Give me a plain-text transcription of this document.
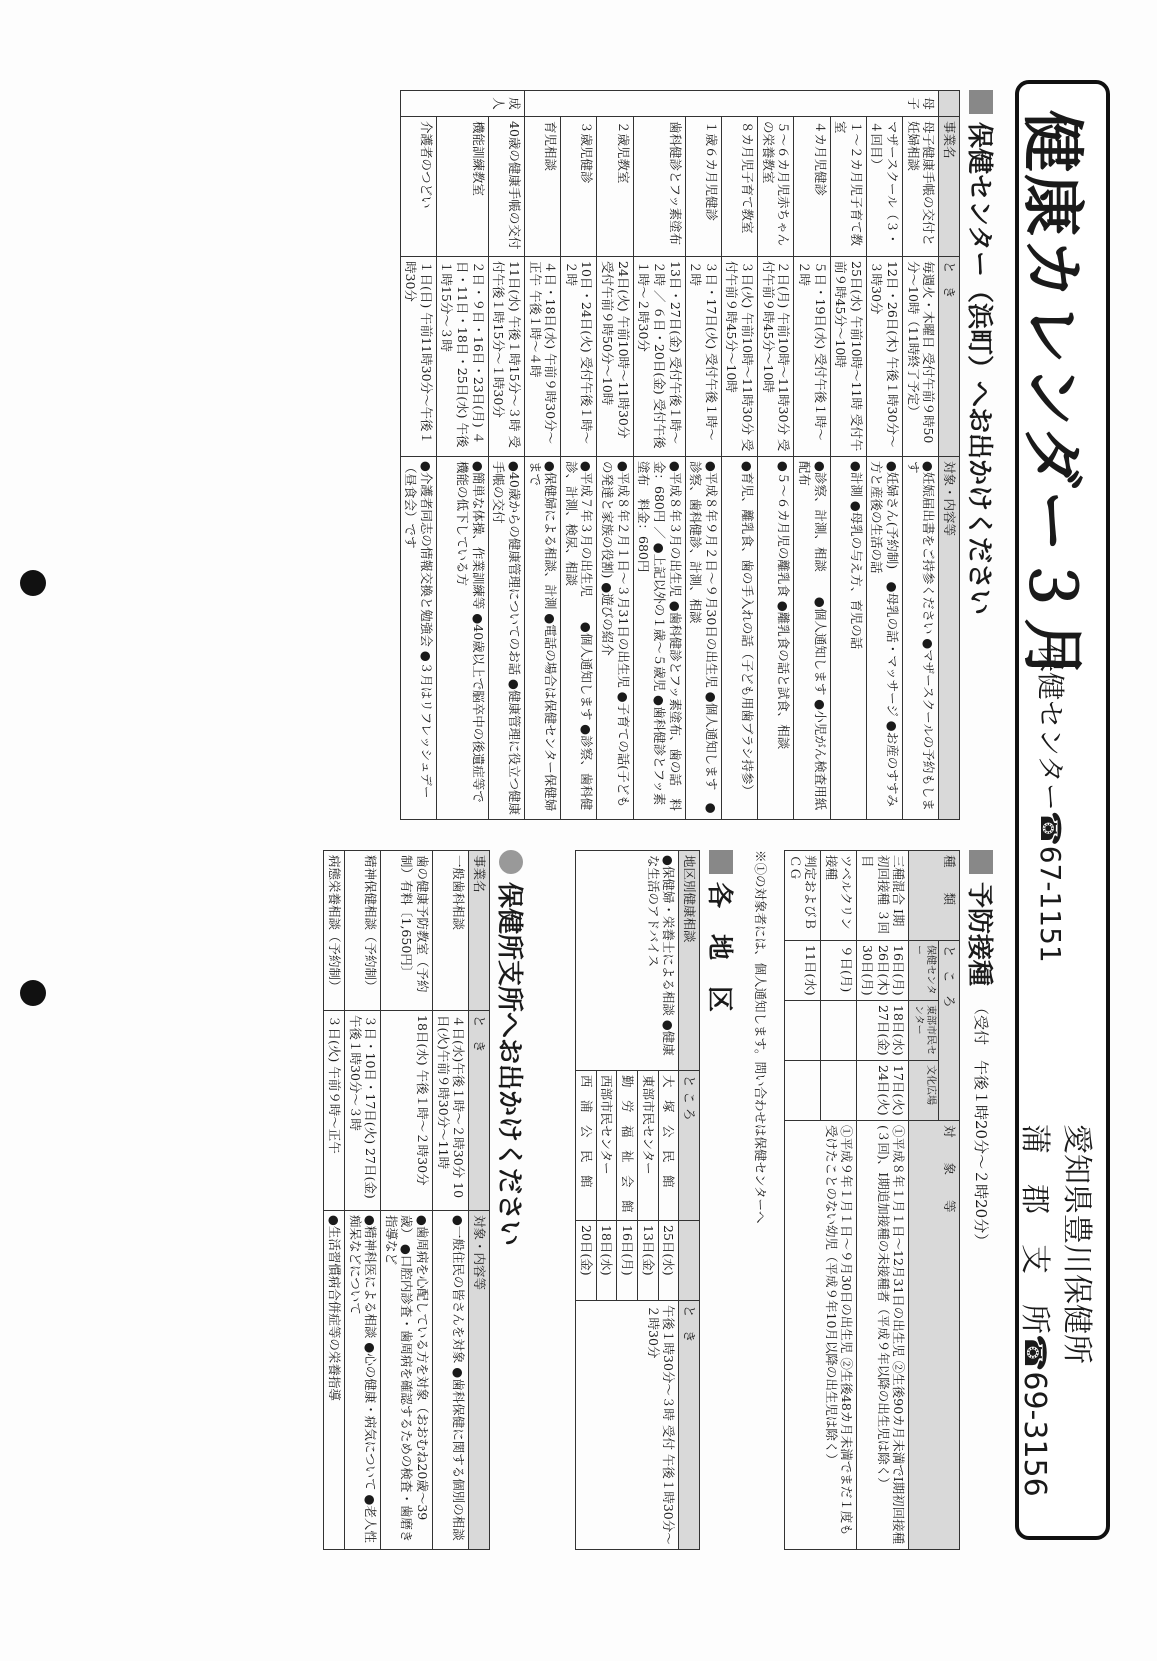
健康カレンダー３月
保健センター☎67-1151
愛知県豊川保健所
蒲　郡　支　所☎69-3156
保健センター（浜町）へお出かけください
	事業名	と　き	対象・内容等
母子	母子健康手帳の交付と妊婦相談	毎週火・木曜日 受付午前９時50分～10時（11時終了予定）	●妊娠届出書をご持参ください ●マザースクールの予約もします
	マザースクール（３・４回目）	12日・26日(木) 午後１時30分～３時30分	●妊婦さん(予約制)　●母乳の話・マッサージ ●お産のすすみ方と産後の生活の話
	１～２カ月児子育て教室	25日(水) 午前10時～11時 受付午前９時45分～10時	●計測 ●母乳の与え方、育児の話
	４カ月児健診	５日・19日(水) 受付午後１時～２時	●診察、計測、相談　　●個人通知します ●小児がん検査用紙配布
	５～６カ月児赤ちゃんの栄養教室	２日(月) 午前10時～11時30分 受付午前９時45分～10時	●５～６カ月児の離乳食 ●離乳食の話と試食、相談
	８カ月児子育て教室	３日(火) 午前10時～11時30分 受付午前９時45分～10時	●育児、離乳食、歯の手入れの話（子ども用歯ブラシ持参）
	１歳６カ月児健診	３日・17日(火) 受付午後１時～２時	●平成８年９月２日～９月30日の出生児 ●個人通知します　●診察、歯科健診、計測、相談
	歯科健診とフッ素塗布	13日・27日(金) 受付午後１時～２時 ／ ６日・20日(金) 受付午後１時～２時30分	●平成８年３月の出生児 ●歯科健診とフッ素塗布、歯の話　料金：680円 ／ ●上記以外の１歳～５歳児 ●歯科健診とフッ素塗布　料金：680円
	２歳児教室	24日(火) 午前10時～11時30分 受付午前９時50分～10時	●平成８年２月１日～３月31日の出生児 ●子育ての話(子どもの発達と家族の役割) ●遊びの紹介
	３歳児健診	10日・24日(火) 受付午後１時～２時	●平成７年３月の出生児　　●個人通知します ●診察、歯科健診、計測、検尿、相談
	育児相談	４日・18日(水) 午前９時30分～正午 午後１時～４時	●保健婦による相談、計測 ●電話の場合は保健センター保健婦まで
成人	40歳の健康手帳の交付	11日(水) 午後１時15分～３時 受付午後１時15分～１時30分	●40歳からの健康管理についてのお話 ●健康管理に役立つ健康手帳の交付
	機能訓練教室	２日・９日・16日・23日(月) ４日・11日・18日・25日(水) 午後１時15分～３時	●簡単な体操、作業訓練等 ●40歳以上で脳卒中の後遺症等で機能の低下している方
	介護者のつどい	１日(日) 午前11時30分～午後１時30分	●介護者同志の情報交換と勉強会 ●３月はリフレッシュデー（昼食会）です
予防接種
（受付　午後１時20分～２時20分）
種　　類	と　こ　ろ			対　　象　　等
	保健センター	東部市民センター	文化広場	
三種混合 Ⅰ期初回接種 ３回目	16日(月) 26日(木) 30日(月)	18日(水) 27日(金)	17日(火) 24日(火)	①平成８年１月１日～12月31日の出生児 ②生後90カ月未満でⅠ期初回接種(３回)、Ⅰ期追加接種の未接種者（平成９年以降の出生児は除く）
ツベルクリン接種	９日(月)			①平成９年１月１日～９月30日の出生児 ②生後48カ月未満でまだ１度も受けたことのない幼児（平成９年10月以降の出生児は除く）
判定およびＢＣＧ	11日(水)			
※①の対象者には、個人通知します。問い合わせは保健センターへ
各　地　区
地区別健康相談	と こ ろ		と　き
●保健婦・栄養士による相談 ●健康な生活のアドバイス	大　塚　公　民　館	25日(水)	午後１時30分～３時 受付 午後１時30分～２時30分
	東部市民センター	13日(金)	
	勤　労　福　祉　会　館	16日(月)	
	西部市民センター	18日(水)	
	西　浦　公　民　館	20日(金)	
保健所支所へお出かけください
事業名	と　き	対象・内容等
一般歯科相談	４日(水)午後１時～２時30分 10日(火)午前９時30分～11時	●一般住民の皆さんを対象 ●歯科保健に関する個別の相談
歯の健康予防教室（予約制）有料〔1,650円〕	18日(水) 午後１時～２時30分	●歯周病を心配している方を対象（おおむね20歳～39歳） ●口腔内診査・歯周病を確認するための検査・歯磨き指導など
精神保健相談（予約制）	３日・10日・17日(火) 27日(金) 午後１時30分～３時	●精神科医による相談 ●心の健康・病気について ●老人性痴呆などについて
病態栄養相談（予約制）	３日(火) 午前９時～正午	●生活習慣病合併症等の栄養指導
